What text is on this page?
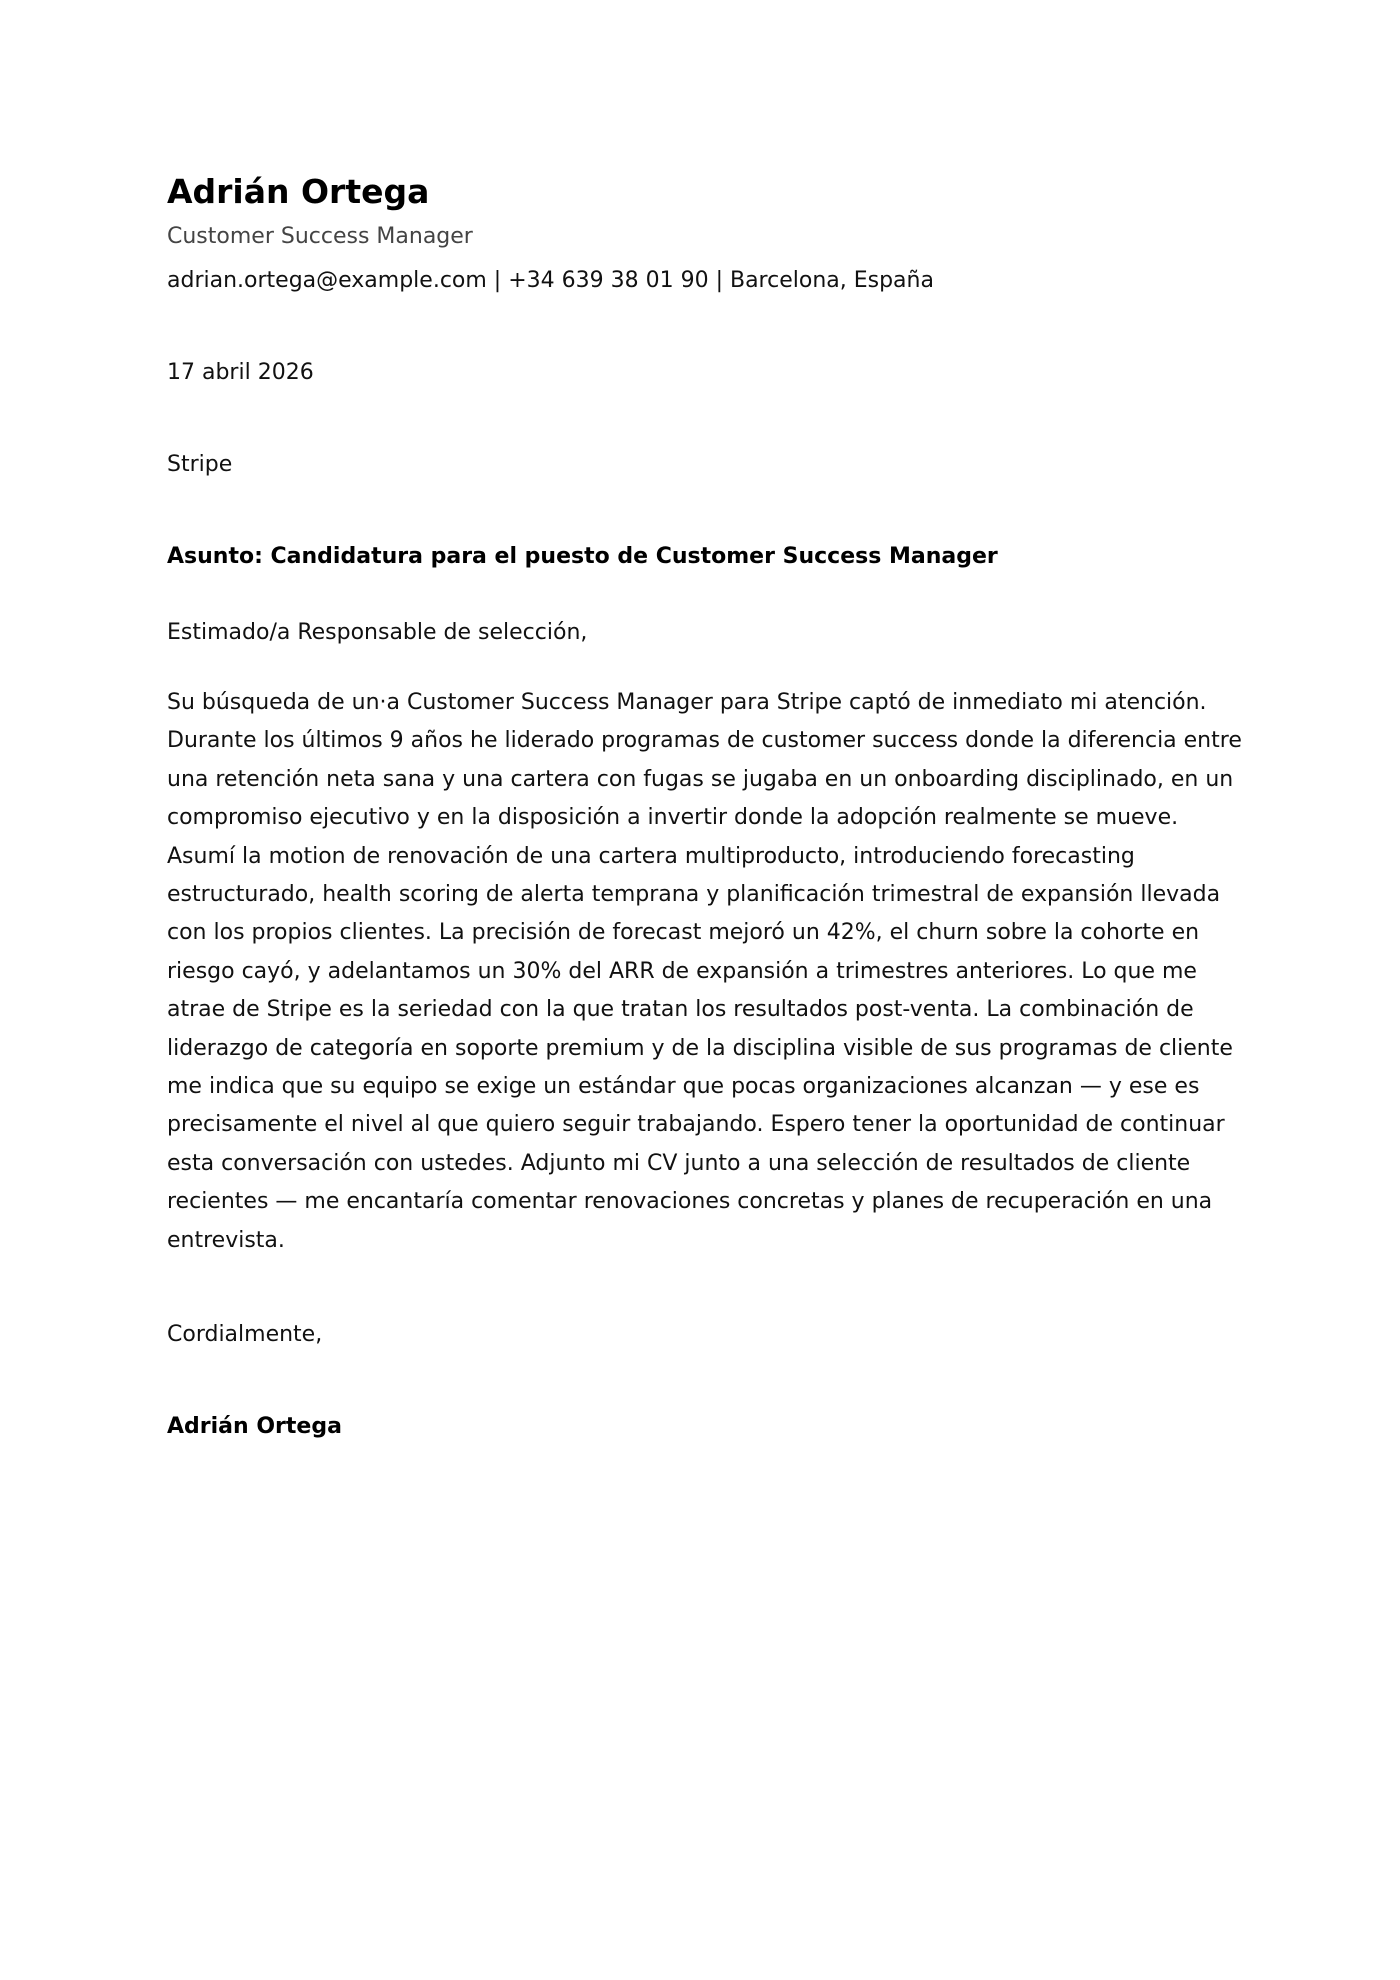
Adrián Ortega
Customer Success Manager
adrian.ortega@example.com | +34 639 38 01 90 | Barcelona, España
17 abril 2026
Stripe
Asunto: Candidatura para el puesto de Customer Success Manager
Estimado/a Responsable de selección,
Su búsqueda de un·a Customer Success Manager para Stripe captó de inmediato mi atención. Durante los últimos 9 años he liderado programas de customer success donde la diferencia entre una retención neta sana y una cartera con fugas se jugaba en un onboarding disciplinado, en un compromiso ejecutivo y en la disposición a invertir donde la adopción realmente se mueve. Asumí la motion de renovación de una cartera multiproducto, introduciendo forecasting estructurado, health scoring de alerta temprana y planificación trimestral de expansión llevada con los propios clientes. La precisión de forecast mejoró un 42%, el churn sobre la cohorte en riesgo cayó, y adelantamos un 30% del ARR de expansión a trimestres anteriores. Lo que me atrae de Stripe es la seriedad con la que tratan los resultados post-venta. La combinación de liderazgo de categoría en soporte premium y de la disciplina visible de sus programas de cliente me indica que su equipo se exige un estándar que pocas organizaciones alcanzan — y ese es precisamente el nivel al que quiero seguir trabajando. Espero tener la oportunidad de continuar esta conversación con ustedes. Adjunto mi CV junto a una selección de resultados de cliente recientes — me encantaría comentar renovaciones concretas y planes de recuperación en una entrevista.
Cordialmente,
Adrián Ortega
